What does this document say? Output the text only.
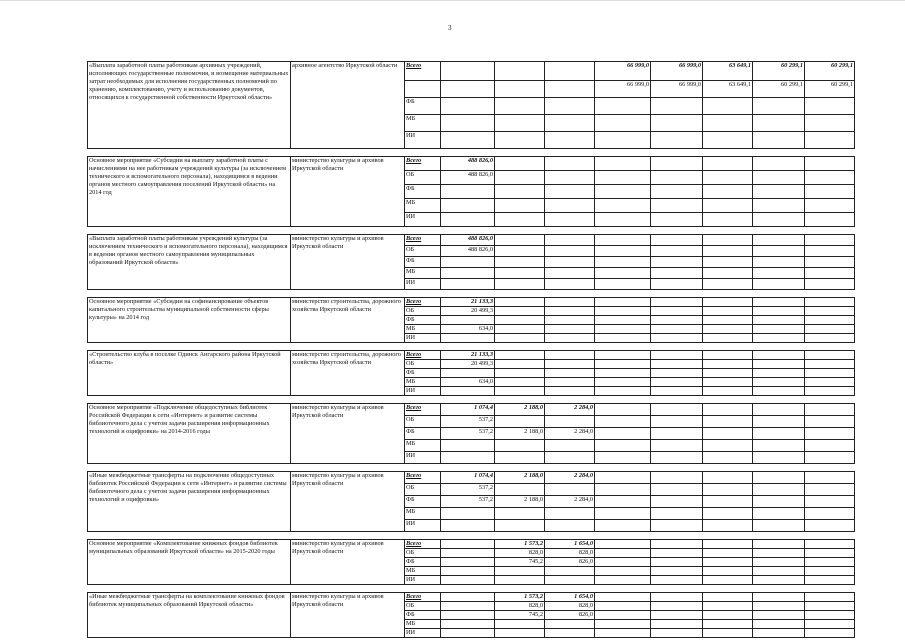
3
«Выплата заработной платы работникам архивных учреждений, исполняющих государственные полномочия, и возмещение материальных затрат необходимых для исполнения государственных полномочий по хранению, комплектованию, учету и использованию документов, относящихся к государственной собственности Иркутской области»	архивное агентство Иркутской области	Всего				66 999,0	66 999,0	63 649,1	60 299,1	60 299,1
						66 999,0	66 999,0	63 649,1	60 299,1	60 299,1
		ФБ								
		МБ								
		ИИ								

Основное мероприятие «Субсидии на выплату заработной платы с начислениями на нее работникам учреждений культуры (за исключением технического и вспомогательного персонала), находящимся в ведении органов местного самоуправления поселений Иркутской области» на 2014 год	министерство культуры и архивов Иркутской области	Всего	488 826,0							
		ОБ	488 826,0							
		ФБ								
		МБ								
		ИИ								

«Выплата заработной платы работникам учреждений культуры (за исключением технического и вспомогательного персонала), находящимся в ведении органов местного самоуправления муниципальных образований Иркутской области»	министерство культуры и архивов Иркутской области	Всего	488 826,0							
		ОБ	488 826,0							
		ФБ								
		МБ								
		ИИ								

Основное мероприятие «Субсидии на софинансирование объектов капитального строительства муниципальной собственности сферы культуры» на 2014 год	министерство строительства, дорожного хозяйства Иркутской области	Всего	21 133,3							
		ОБ	20 499,3							
		ФБ								
		МБ	634,0							
		ИИ								

«Строительство клуба в поселке Одинск Ангарского района Иркутской области»	министерство строительства, дорожного хозяйства Иркутской области	Всего	21 133,3							
		ОБ	20 499,3							
		ФБ								
		МБ	634,0							
		ИИ								

Основное мероприятие «Подключение общедоступных библиотек Российской Федерации к сети «Интернет» и развитие системы библиотечного дела с учетом задачи расширения информационных технологий и оцифровки» на 2014-2016 годы	министерство культуры и архивов Иркутской области	Всего	1 074,4	2 188,0	2 284,0					
		ОБ	537,2							
		ФБ	537,2	2 188,0	2 284,0					
		МБ								
		ИИ								

«Иные межбюджетные трансферты на подключение общедоступных библиотек Российской Федерации к сети «Интернет» и развитие системы библиотечного дела с учетом задачи расширения информационных технологий и оцифровки»	министерство культуры и архивов Иркутской области	Всего	1 074,4	2 188,0	2 284,0					
		ОБ	537,2							
		ФБ	537,2	2 188,0	2 284,0					
		МБ								
		ИИ								

Основное мероприятие «Комплектование книжных фондов библиотек муниципальных образований Иркутской области» на 2015-2020 годы	министерство культуры и архивов Иркутской области	Всего		1 573,2	1 654,0					
		ОБ		828,0	828,0					
		ФБ		745,2	826,0					
		МБ								
		ИИ								

«Иные межбюджетные трансферты на комплектование книжных фондов библиотек муниципальных образований Иркутской области»	министерство культуры и архивов Иркутской области	Всего		1 573,2	1 654,0					
		ОБ		828,0	828,0					
		ФБ		745,2	826,0					
		МБ								
		ИИ								
